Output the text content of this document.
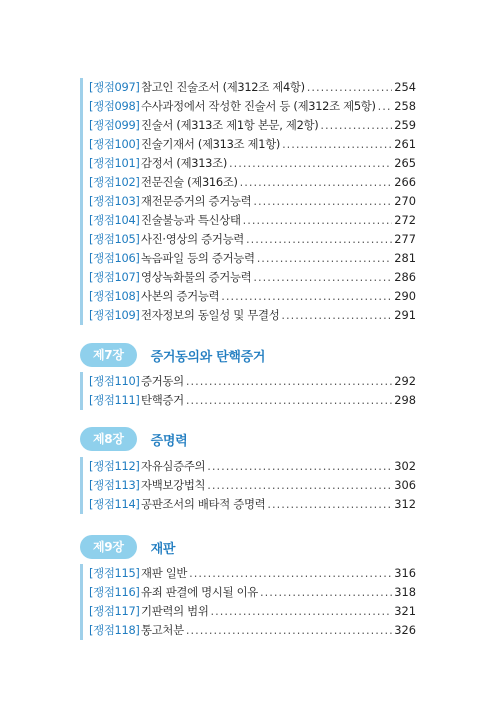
[쟁점097] 참고인 진술조서 (제312조 제4항) .....	254
[쟁점098] 수사과정에서 작성한 진술서 등 (제312조 제5항) ..... 258
[쟁점099] 진술서 (제313조 제1항 본문, 제2항) .....	259
[쟁점100] 진술기재서 (제313조 제1항) .....	261
[쟁점101] 감정서 (제313조) .....	265
[쟁점102] 전문진술 (제316조) .....	266
[쟁점103] 재전문증거의 증거능력 .....	270
[쟁점104] 진술불능과 특신상태 .....	272
[쟁점105] 사진·영상의 증거능력 .....	277
[쟁점106] 녹음파일 등의 증거능력 .....	281
[쟁점107] 영상녹화물의 증거능력 .....	286
[쟁점108] 사본의 증거능력 .....	290
[쟁점109] 전자정보의 동일성 및 무결성 .....	291
제7장	증거동의와 탄핵증거
[쟁점110] 증거동의 .....	292
[쟁점111] 탄핵증거 .....	298
제8장	증명력
[쟁점112] 자유심증주의 .....	302
[쟁점113] 자백보강법칙 .....	306
[쟁점114] 공판조서의 배타적 증명력 .....	312
제9장	재판
[쟁점115] 재판 일반 .....	316
[쟁점116] 유죄 판결에 명시될 이유 .....	318
[쟁점117] 기판력의 범위 .....	321
[쟁점118] 통고처분 .....	326
